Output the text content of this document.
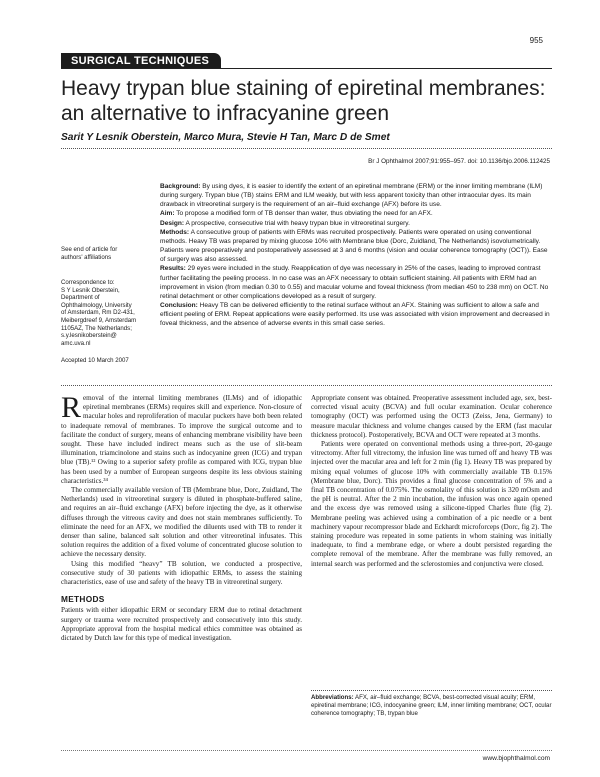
955
SURGICAL TECHNIQUES
Heavy trypan blue staining of epiretinal membranes: an alternative to infracyanine green
Sarit Y Lesnik Oberstein, Marco Mura, Stevie H Tan, Marc D de Smet
Br J Ophthalmol 2007;91:955–957. doi: 10.1136/bjo.2006.112425

Background: By using dyes, it is easier to identify the extent of an epiretinal membrane (ERM) or the inner limiting membrane (ILM) during surgery. Trypan blue (TB) stains ERM and ILM weakly, but with less apparent toxicity than other intraocular dyes. Its main drawback in vitreoretinal surgery is the requirement of an air–fluid exchange (AFX) before its use.

Aim: To propose a modified form of TB denser than water, thus obviating the need for an AFX.

Design: A prospective, consecutive trial with heavy trypan blue in vitreoretinal surgery.

Methods: A consecutive group of patients with ERMs was recruited prospectively. Patients were operated on using conventional methods. Heavy TB was prepared by mixing glucose 10% with Membrane blue (Dorc, Zuidland, The Netherlands) isovolumetrically. Patients were preoperatively and postoperatively assessed at 3 and 6 months (vision and ocular coherence tomography (OCT)). Ease of surgery was also assessed.

Results: 29 eyes were included in the study. Reapplication of dye was necessary in 25% of the cases, leading to improved contrast further facilitating the peeling process. In no case was an AFX necessary to obtain sufficient staining. All patients with ERM had an improvement in vision (from median 0.30 to 0.55) and macular volume and foveal thickness (from median 450 to 238 mm) on OCT. No retinal detachment or other complications developed as a result of surgery.

Conclusion: Heavy TB can be delivered efficiently to the retinal surface without an AFX. Staining was sufficient to allow a safe and efficient peeling of ERM. Repeat applications were easily performed. Its use was associated with vision improvement and decreased in foveal thickness, and the absence of adverse events in this small case series.

See end of article for
authors' affiliations
Correspondence to:
S Y Lesnik Oberstein,
Department of
Ophthalmology, University
of Amsterdam, Rm D2-431,
Meibergdreef 9, Amsterdam
1105AZ, The Netherlands;
s.y.lesnikoberstein@
amc.uva.nl
Accepted 10 March 2007

Removal of the internal limiting membranes (ILMs) and of idiopathic epiretinal membranes (ERMs) requires skill and experience. Non-closure of macular holes and reproliferation of macular puckers have both been related to inadequate removal of membranes. To improve the surgical outcome and to facilitate the conduct of surgery, means of enhancing membrane visibility have been sought. These have included indirect means such as the use of slit-beam illumination, triamcinolone and stains such as indocyanine green (ICG) and trypan blue (TB).¹² Owing to a superior safety profile as compared with ICG, trypan blue has been used by a number of European surgeons despite its less obvious staining characteristics.³⁴

The commercially available version of TB (Membrane blue, Dorc, Zuidland, The Netherlands) used in vitreoretinal surgery is diluted in phosphate-buffered saline, and requires an air–fluid exchange (AFX) before injecting the dye, as it otherwise diffuses through the vitreous cavity and does not stain membranes sufficiently. To eliminate the need for an AFX, we modified the diluents used with TB to render it denser than saline, balanced salt solution and other vitreoretinal infusates. This solution requires the addition of a fixed volume of concentrated glucose solution to achieve the necessary density.

Using this modified “heavy” TB solution, we conducted a prospective, consecutive study of 30 patients with idiopathic ERMs, to assess the staining characteristics, ease of use and safety of the heavy TB in vitreoretinal surgery.

METHODS

Patients with either idiopathic ERM or secondary ERM due to retinal detachment surgery or trauma were recruited prospectively and consecutively into this study. Appropriate approval from the hospital medical ethics committee was obtained as dictated by Dutch law for this type of medical investigation.

Appropriate consent was obtained. Preoperative assessment included age, sex, best-corrected visual acuity (BCVA) and full ocular examination. Ocular coherence tomography (OCT) was performed using the OCT3 (Zeiss, Jena, Germany) to measure macular thickness and volume changes caused by the ERM (fast macular thickness protocol). Postoperatively, BCVA and OCT were repeated at 3 months.

Patients were operated on conventional methods using a three-port, 20-gauge vitrectomy. After full vitrectomy, the infusion line was turned off and heavy TB was injected over the macular area and left for 2 min (fig 1). Heavy TB was prepared by mixing equal volumes of glucose 10% with commercially available TB 0.15% (Membrane blue, Dorc). This provides a final glucose concentration of 5% and a final TB concentration of 0.075%. The osmolality of this solution is 320 mOsm and the pH is neutral. After the 2 min incubation, the infusion was once again opened and the excess dye was removed using a silicone-tipped Charles flute (fig 2). Membrane peeling was achieved using a combination of a pic needle or a bent machinery vapour recompressor blade and Eckhardt microforceps (Dorc, fig 2). The staining procedure was repeated in some patients in whom staining was initially inadequate, to find a membrane edge, or where a doubt persisted regarding the complete removal of the membrane. After the membrane was fully removed, an internal search was performed and the sclerostomies and conjunctiva were closed.

Abbreviations: AFX, air–fluid exchange; BCVA, best-corrected visual acuity; ERM, epiretinal membrane; ICG, indocyanine green; ILM, inner limiting membrane; OCT, ocular coherence tomography; TB, trypan blue

www.bjophthalmol.com
